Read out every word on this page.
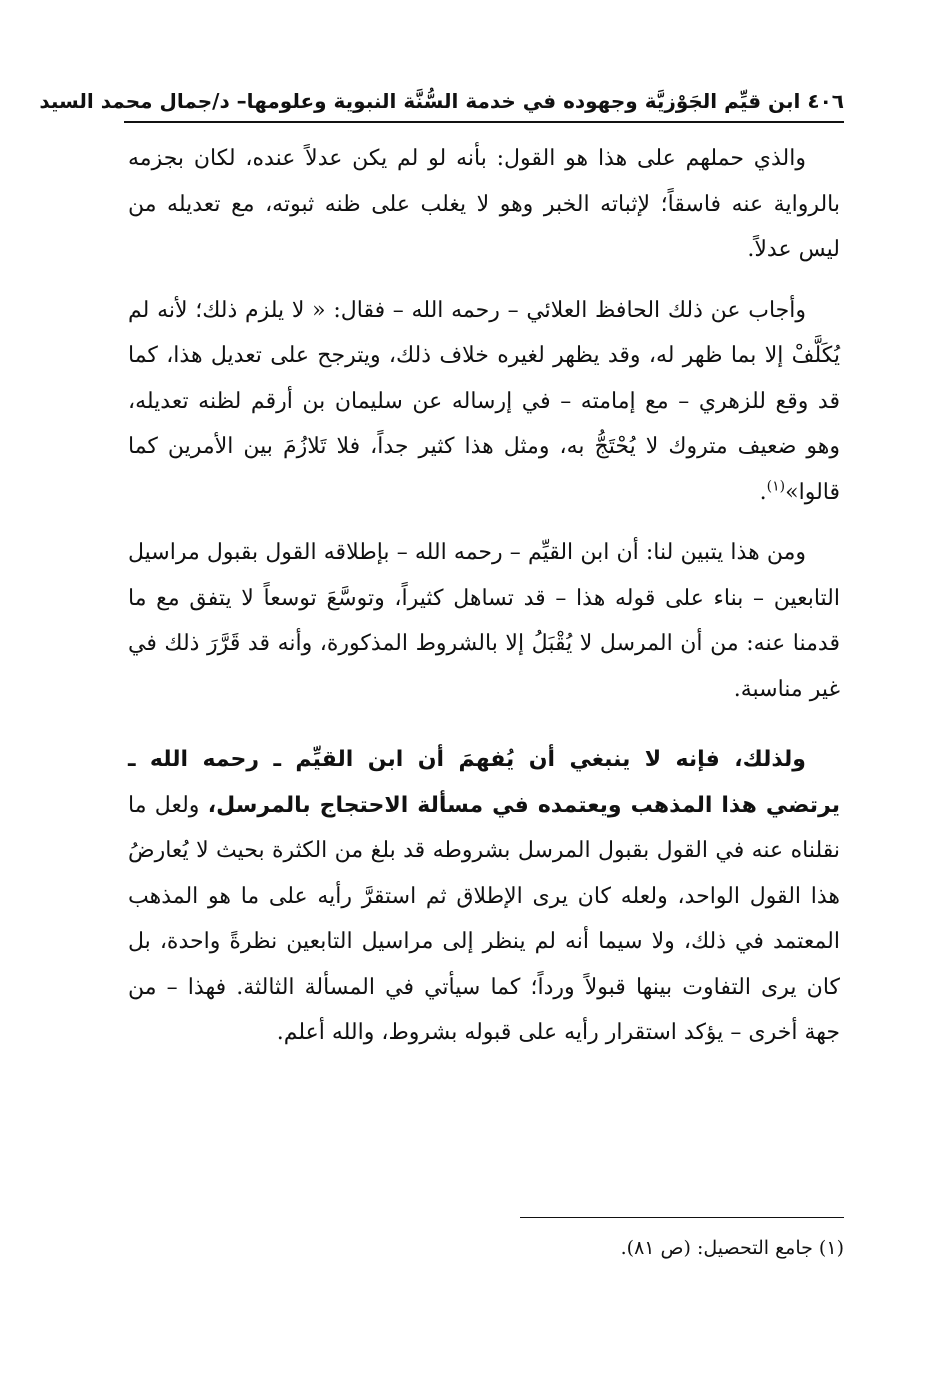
٤٠٦ ابن قيِّم الجَوْزيَّة وجهوده في خدمة السُّنَّة النبوية وعلومها– د/جمال محمد السيد

والذي حملهم على هذا هو القول: بأنه لو لم يكن عدلاً عنده، لكان بجزمه بالرواية عنه فاسقاً؛ لإثباته الخبر وهو لا يغلب على ظنه ثبوته، مع تعديله من ليس عدلاً.

وأجاب عن ذلك الحافظ العلائي – رحمه الله – فقال: « لا يلزم ذلك؛ لأنه لم يُكَلَّفْ إلا بما ظهر له، وقد يظهر لغيره خلاف ذلك، ويترجح على تعديل هذا، كما قد وقع للزهري – مع إمامته – في إرساله عن سليمان بن أرقم لظنه تعديله، وهو ضعيف متروك لا يُحْتَجُّ به، ومثل هذا كثير جداً، فلا تَلازُمَ بين الأمرين كما قالوا»$^{(١)}$.

ومن هذا يتبين لنا: أن ابن القيِّم – رحمه الله – بإطلاقه القول بقبول مراسيل التابعين – بناء على قوله هذا – قد تساهل كثيراً، وتوسَّعَ توسعاً لا يتفق مع ما قدمنا عنه: من أن المرسل لا يُقْبَلُ إلا بالشروط المذكورة، وأنه قد قَرَّرَ ذلك في غير مناسبة.

ولذلك، فإنه لا ينبغي أن يُفهمَ أن ابن القيِّم ـ رحمه الله ـ يرتضي هذا المذهب ويعتمده في مسألة الاحتجاج بالمرسل، ولعل ما نقلناه عنه في القول بقبول المرسل بشروطه قد بلغ من الكثرة بحيث لا يُعارضُ هذا القول الواحد، ولعله كان يرى الإطلاق ثم استقرَّ رأيه على ما هو المذهب المعتمد في ذلك، ولا سيما أنه لم ينظر إلى مراسيل التابعين نظرةً واحدة، بل كان يرى التفاوت بينها قبولاً ورداً؛ كما سيأتي في المسألة الثالثة. فهذا – من جهة أخرى – يؤكد استقرار رأيه على قبوله بشروط، والله أعلم.

(١) جامع التحصيل: (ص ٨١).
